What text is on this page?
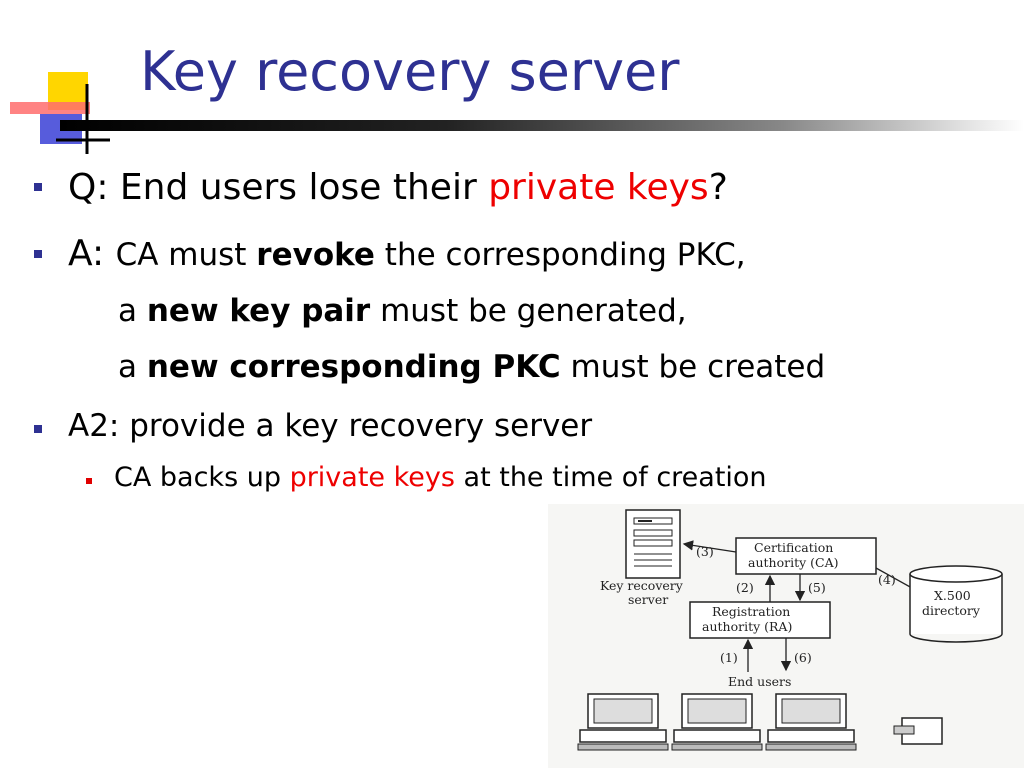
Key recovery server
Q: End users lose their private keys?
A: CA must revoke the corresponding PKC,
a new key pair must be generated,
a new corresponding PKC must be created
A2: provide a key recovery server
CA backs up private keys at the time of creation
Key recovery
server
Certification
authority (CA)
(3)
Registration
authority (RA)
(2)	(5)
(4)
X.500
directory
(1)	(6)
End users
